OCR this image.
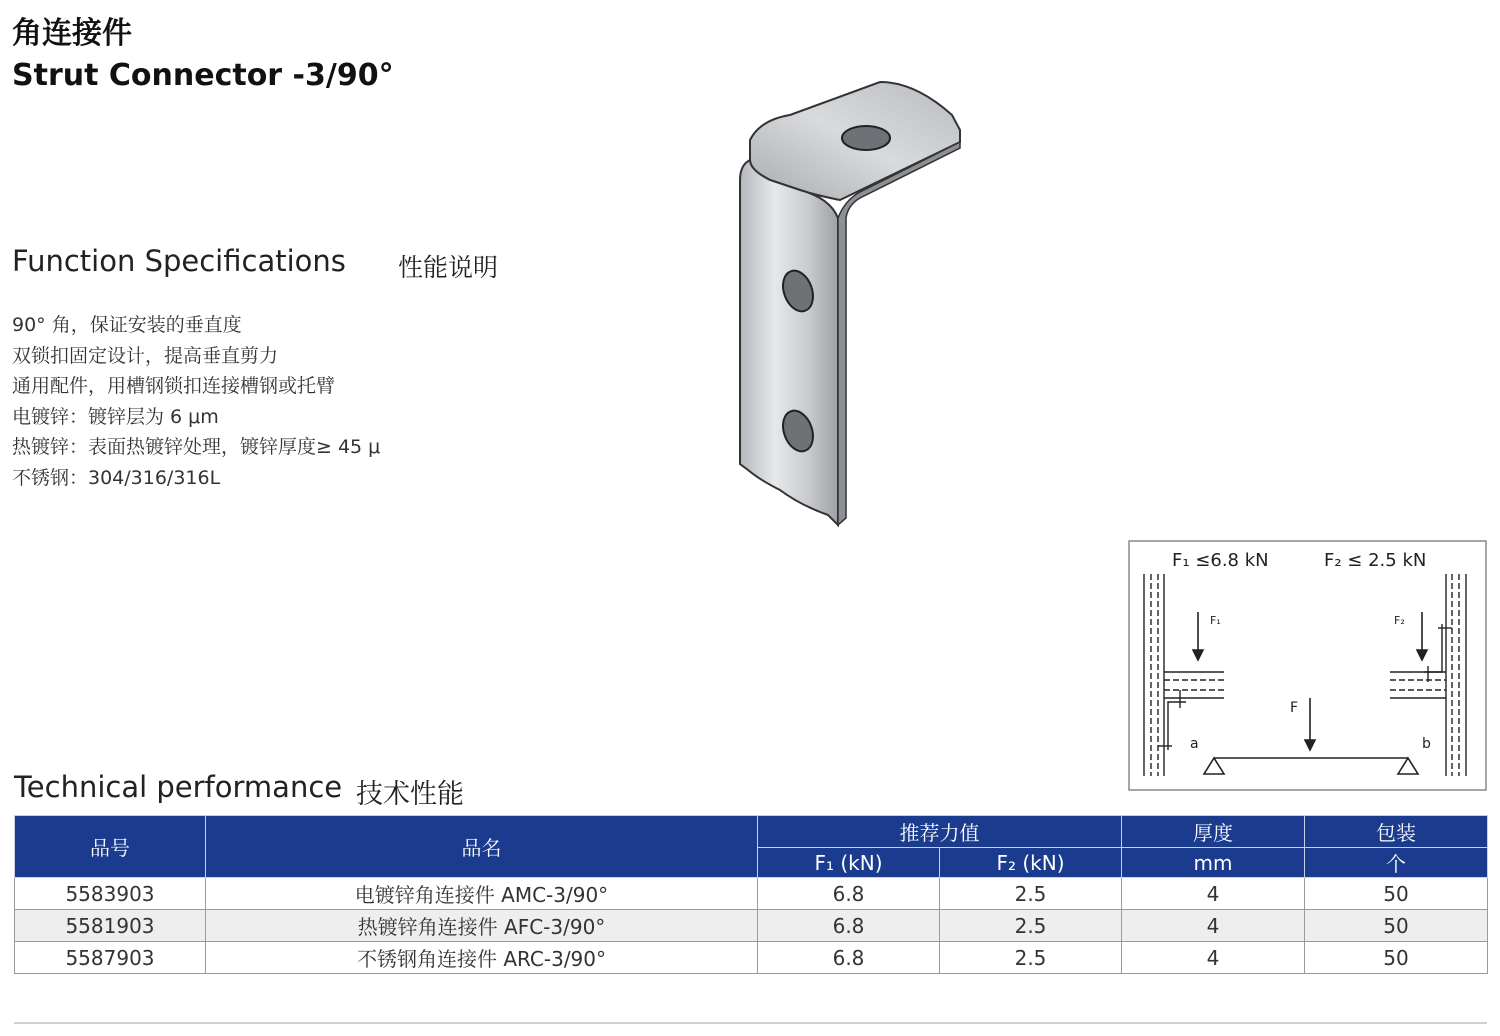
角连接件
Strut Connector -3/90°
Function Specifications 性能说明
90° 角，保证安装的垂直度
双锁扣固定设计，提高垂直剪力
通用配件，用槽钢锁扣连接槽钢或托臂
电镀锌：镀锌层为 6 μm
热镀锌：表面热镀锌处理，镀锌厚度≥ 45 μ
不锈钢：304/316/316L
F₁ ≤6.8 kN	F₂ ≤ 2.5 kN
F₁	F₂
F
a	b
Technical performance 技术性能
品号	品名	推荐力值		厚度	包装
		F₁ (kN)	F₂ (kN)	mm	个
5583903	电镀锌角连接件 AMC-3/90°	6.8	2.5	4	50
5581903	热镀锌角连接件 AFC-3/90°	6.8	2.5	4	50
5587903	不锈钢角连接件 ARC-3/90°	6.8	2.5	4	50
